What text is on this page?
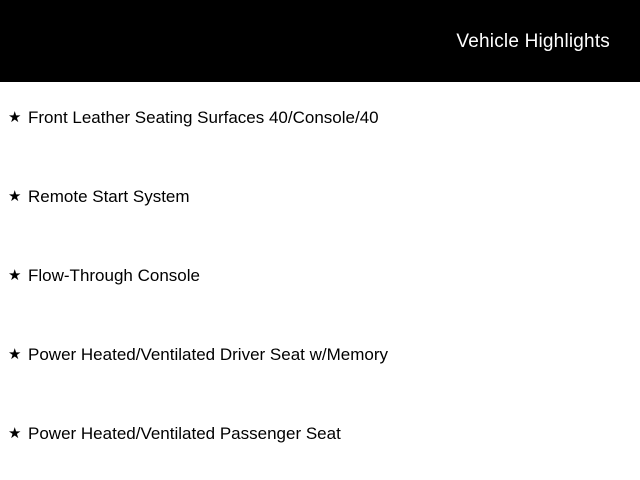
Vehicle Highlights
★ Front Leather Seating Surfaces 40/Console/40
★ Remote Start System
★ Flow-Through Console
★ Power Heated/Ventilated Driver Seat w/Memory
★ Power Heated/Ventilated Passenger Seat
